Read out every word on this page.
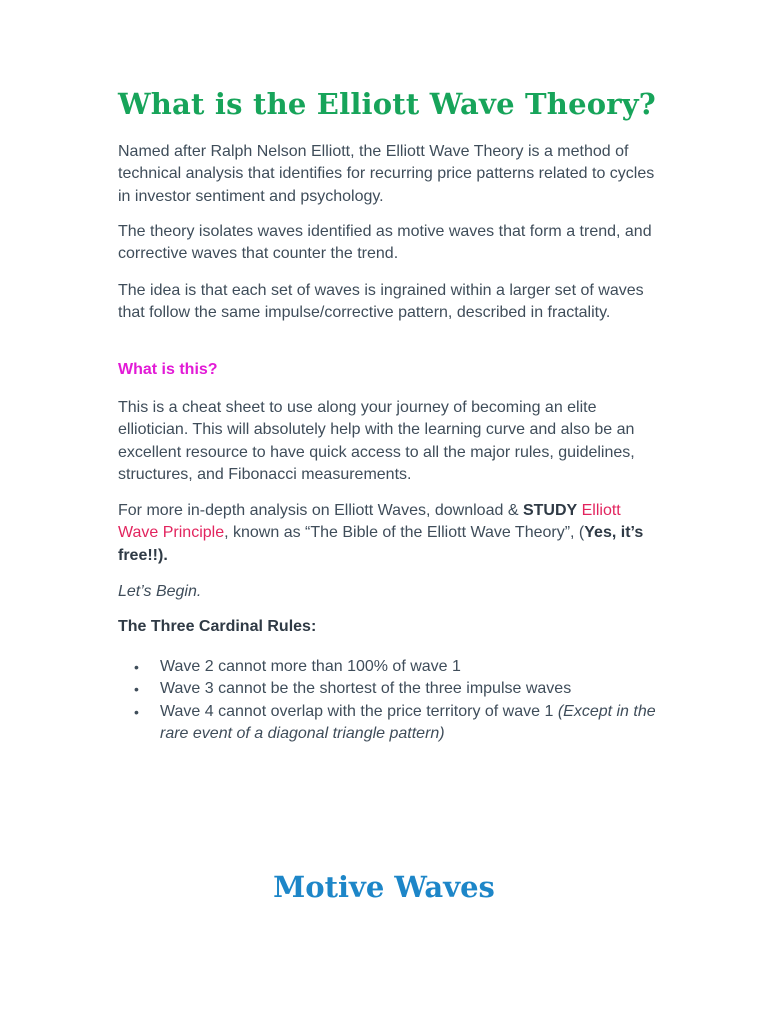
What is the Elliott Wave Theory?

Named after Ralph Nelson Elliott, the Elliott Wave Theory is a method of technical analysis that identifies for recurring price patterns related to cycles in investor sentiment and psychology.

The theory isolates waves identified as motive waves that form a trend, and corrective waves that counter the trend.

The idea is that each set of waves is ingrained within a larger set of waves that follow the same impulse/corrective pattern, described in fractality.

What is this?

This is a cheat sheet to use along your journey of becoming an elite elliotician. This will absolutely help with the learning curve and also be an excellent resource to have quick access to all the major rules, guidelines, structures, and Fibonacci measurements.

For more in-depth analysis on Elliott Waves, download & STUDY Elliott Wave Principle, known as “The Bible of the Elliott Wave Theory”, (Yes, it’s free!!).

Let’s Begin.

The Three Cardinal Rules:

• Wave 2 cannot more than 100% of wave 1
• Wave 3 cannot be the shortest of the three impulse waves
• Wave 4 cannot overlap with the price territory of wave 1 (Except in the rare event of a diagonal triangle pattern)
Motive Waves
